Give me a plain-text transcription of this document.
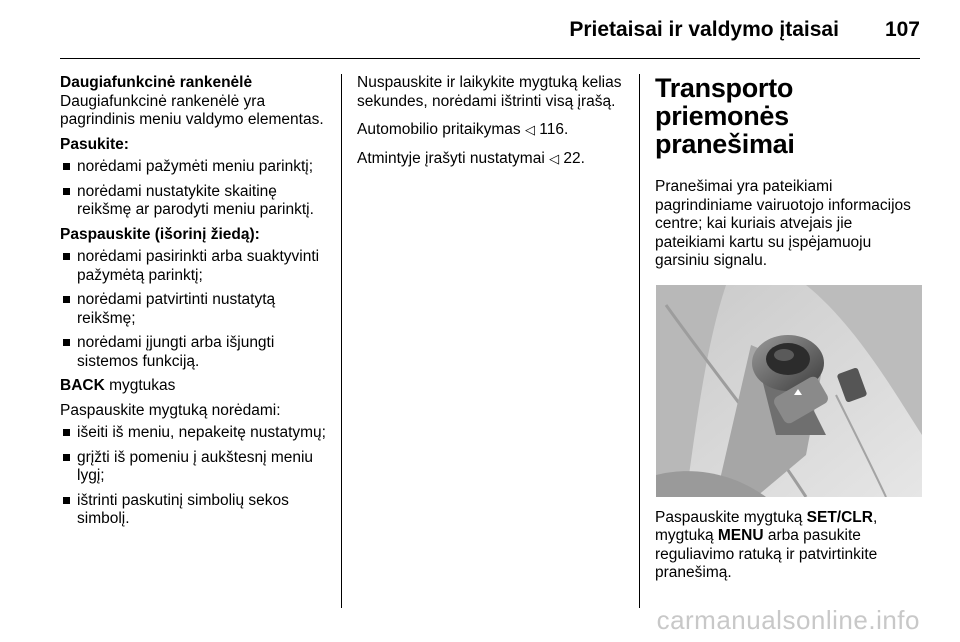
Prietaisai ir valdymo įtaisai 107

Daugiafunkcinė rankenėlė

Daugiafunkcinė rankenėlė yra pagrindinis meniu valdymo elementas.

Pasukite:

norėdami pažymėti meniu parinktį;
norėdami nustatykite skaitinę reikšmę ar parodyti meniu parinktį.

Paspauskite (išorinį žiedą):

norėdami pasirinkti arba suaktyvinti pažymėtą parinktį;
norėdami patvirtinti nustatytą reikšmę;
norėdami įjungti arba išjungti sistemos funkciją.

BACK mygtukas

Paspauskite mygtuką norėdami:

išeiti iš meniu, nepakeitę nustatymų;
grįžti iš pomeniu į aukštesnį meniu lygį;
ištrinti paskutinį simbolių sekos simbolį.

Nuspauskite ir laikykite mygtuką kelias sekundes, norėdami ištrinti visą įrašą.

Automobilio pritaikymas ◁ 116.

Atmintyje įrašyti nustatymai ◁ 22.

Transporto priemonės pranešimai

Pranešimai yra pateikiami pagrindiniame vairuotojo informacijos centre; kai kuriais atvejais jie pateikiami kartu su įspėjamuoju garsiniu signalu.

Paspauskite mygtuką SET/CLR, mygtuką MENU arba pasukite reguliavimo ratuką ir patvirtinkite pranešimą.

carmanualsonline.info
